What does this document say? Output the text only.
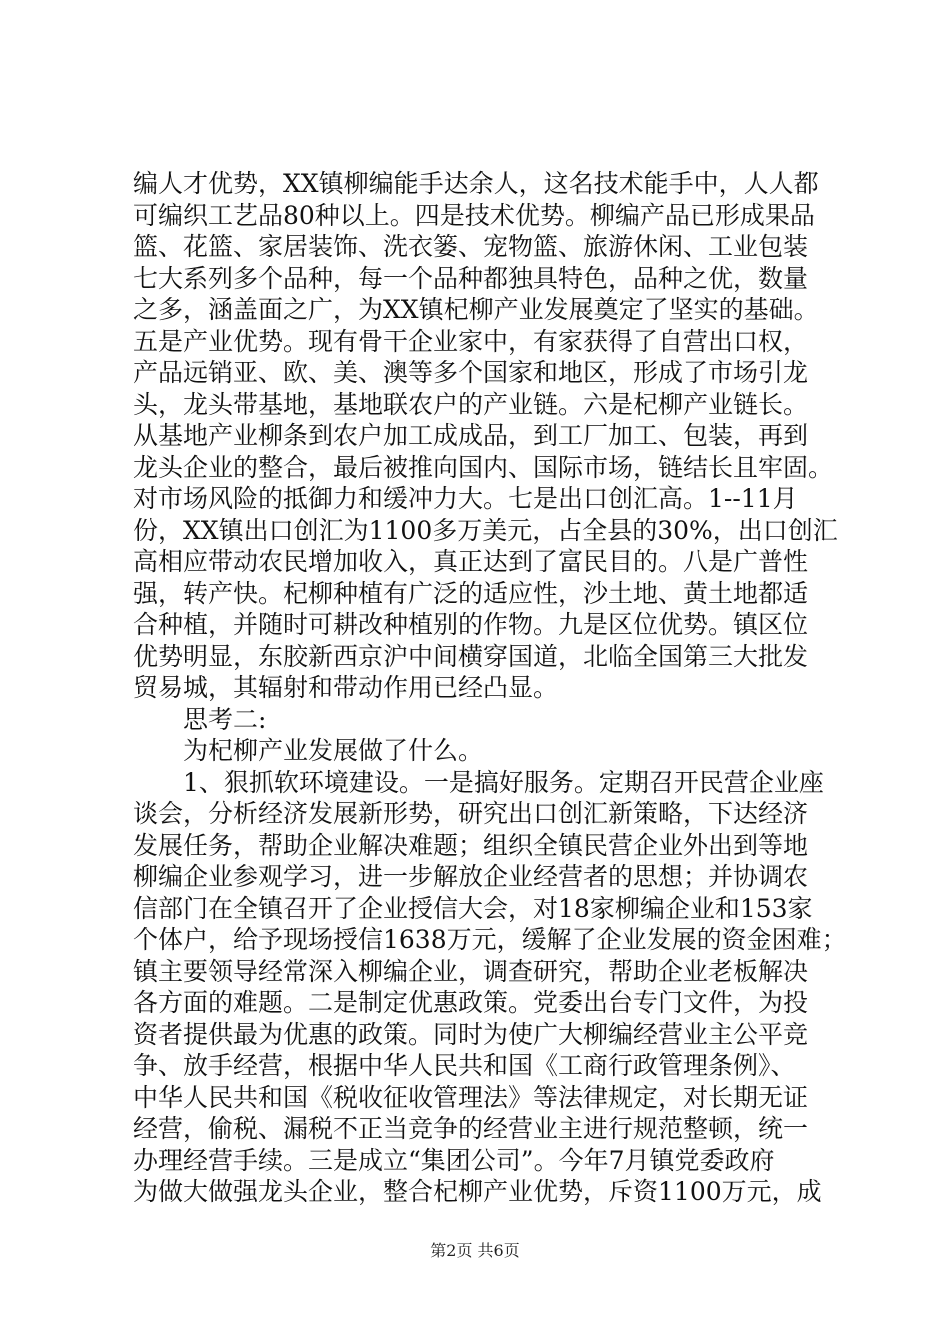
编人才优势，XX镇柳编能手达余人，这名技术能手中，人人都
可编织工艺品80种以上。四是技术优势。柳编产品已形成果品
篮、花篮、家居装饰、洗衣篓、宠物篮、旅游休闲、工业包装
七大系列多个品种，每一个品种都独具特色，品种之优，数量
之多，涵盖面之广，为XX镇杞柳产业发展奠定了坚实的基础。
五是产业优势。现有骨干企业家中，有家获得了自营出口权，
产品远销亚、欧、美、澳等多个国家和地区，形成了市场引龙
头，龙头带基地，基地联农户的产业链。六是杞柳产业链长。
从基地产业柳条到农户加工成成品，到工厂加工、包装，再到
龙头企业的整合，最后被推向国内、国际市场，链结长且牢固。
对市场风险的抵御力和缓冲力大。七是出口创汇高。1--11月
份，XX镇出口创汇为1100多万美元，占全县的30%，出口创汇
高相应带动农民增加收入，真正达到了富民目的。八是广普性
强，转产快。杞柳种植有广泛的适应性，沙土地、黄土地都适
合种植，并随时可耕改种植别的作物。九是区位优势。镇区位
优势明显，东胶新西京沪中间横穿国道，北临全国第三大批发
贸易城，其辐射和带动作用已经凸显。
思考二:
为杞柳产业发展做了什么。
1、狠抓软环境建设。一是搞好服务。定期召开民营企业座
谈会，分析经济发展新形势，研究出口创汇新策略，下达经济
发展任务，帮助企业解决难题；组织全镇民营企业外出到等地
柳编企业参观学习，进一步解放企业经营者的思想；并协调农
信部门在全镇召开了企业授信大会，对18家柳编企业和153家
个体户，给予现场授信1638万元，缓解了企业发展的资金困难；
镇主要领导经常深入柳编企业，调查研究，帮助企业老板解决
各方面的难题。二是制定优惠政策。党委出台专门文件，为投
资者提供最为优惠的政策。同时为使广大柳编经营业主公平竞
争、放手经营，根据中华人民共和国《工商行政管理条例》、
中华人民共和国《税收征收管理法》等法律规定，对长期无证
经营，偷税、漏税不正当竞争的经营业主进行规范整顿，统一
办理经营手续。三是成立“集团公司”。今年7月镇党委政府
为做大做强龙头企业，整合杞柳产业优势，斥资1100万元，成
第2页 共6页
